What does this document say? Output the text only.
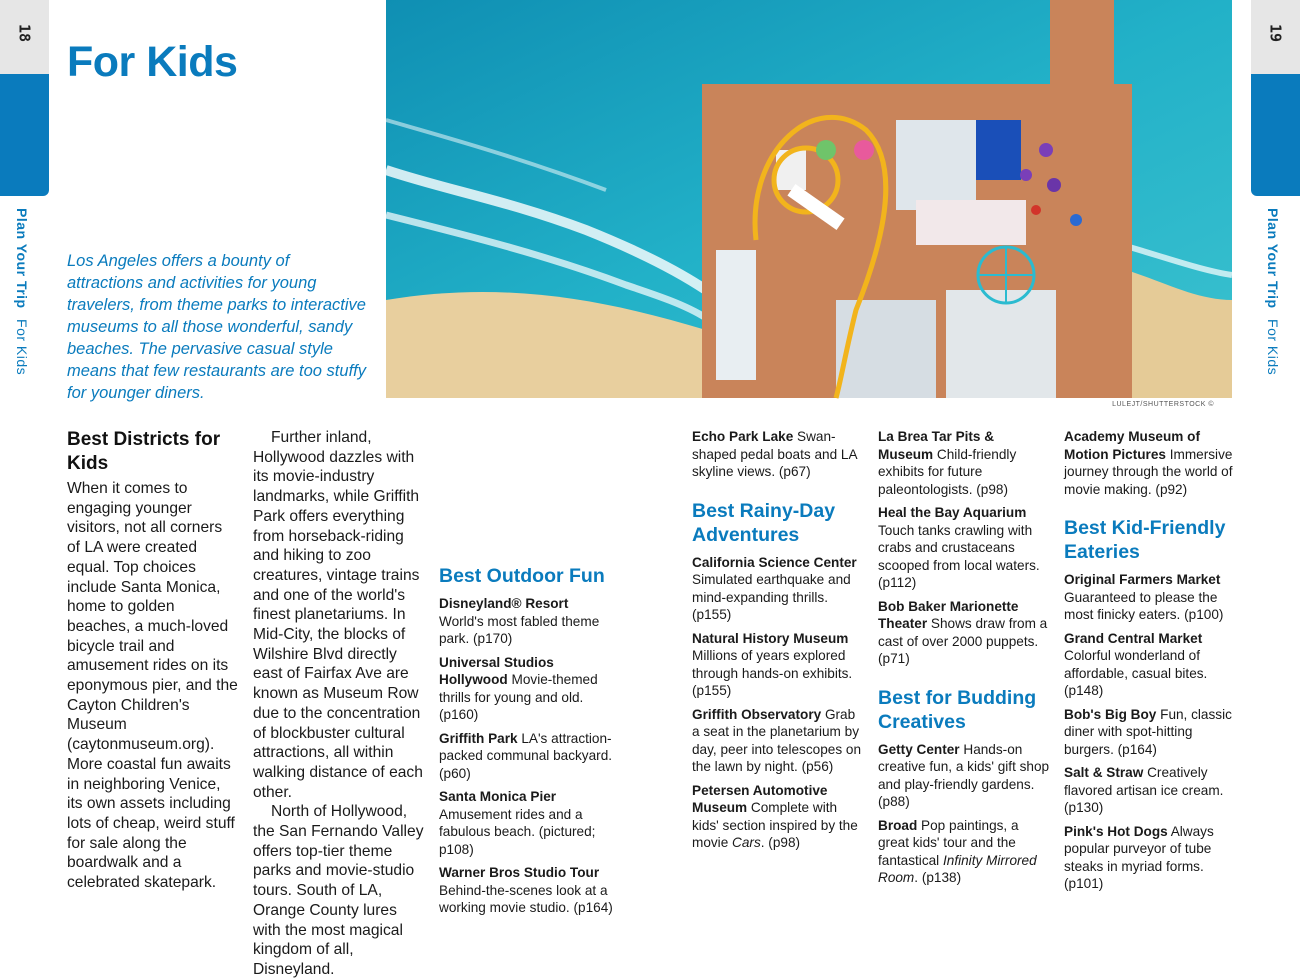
18
Plan Your Trip For Kids
19
Plan Your Trip For Kids
For Kids

Los Angeles offers a bounty of attractions and activities for young travelers, from theme parks to interactive museums to all those wonderful, sandy beaches. The pervasive casual style means that few restaurants are too stuffy for younger diners.

LULEJT/SHUTTERSTOCK ©
Best Districts for Kids

When it comes to engaging younger visitors, not all corners of LA were created equal. Top choices include Santa Monica, home to golden beaches, a much-loved bicycle trail and amusement rides on its eponymous pier, and the Cayton Children's Museum (caytonmuseum.org). More coastal fun awaits in neighboring Venice, its own assets including lots of cheap, weird stuff for sale along the boardwalk and a celebrated skatepark.

Further inland, Hollywood dazzles with its movie-industry landmarks, while Griffith Park offers everything from horseback-riding and hiking to zoo creatures, vintage trains and one of the world's finest planetariums. In Mid-City, the blocks of Wilshire Blvd directly east of Fairfax Ave are known as Museum Row due to the concentration of blockbuster cultural attractions, all within walking distance of each other.

North of Hollywood, the San Fernando Valley offers top-tier theme parks and movie-studio tours. South of LA, Orange County lures with the most magical kingdom of all, Disneyland.

Best Outdoor Fun
Disneyland® Resort World's most fabled theme park. (p170)
Universal Studios Hollywood Movie-themed thrills for young and old. (p160)
Griffith Park LA's attraction-packed communal backyard. (p60)
Santa Monica Pier Amusement rides and a fabulous beach. (pictured; p108)
Warner Bros Studio Tour Behind-the-scenes look at a working movie studio. (p164)
Echo Park Lake Swan-shaped pedal boats and LA skyline views. (p67)
Best Rainy-Day Adventures
California Science Center Simulated earthquake and mind-expanding thrills. (p155)
Natural History Museum Millions of years explored through hands-on exhibits. (p155)
Griffith Observatory Grab a seat in the planetarium by day, peer into telescopes on the lawn by night. (p56)
Petersen Automotive Museum Complete with kids' section inspired by the movie Cars. (p98)
La Brea Tar Pits & Museum Child-friendly exhibits for future paleontologists. (p98)
Heal the Bay Aquarium Touch tanks crawling with crabs and crustaceans scooped from local waters. (p112)
Bob Baker Marionette Theater Shows draw from a cast of over 2000 puppets. (p71)
Best for Budding Creatives
Getty Center Hands-on creative fun, a kids' gift shop and play-friendly gardens. (p88)
Broad Pop paintings, a great kids' tour and the fantastical Infinity Mirrored Room. (p138)
Academy Museum of Motion Pictures Immersive journey through the world of movie making. (p92)
Best Kid-Friendly Eateries
Original Farmers Market Guaranteed to please the most finicky eaters. (p100)
Grand Central Market Colorful wonderland of affordable, casual bites. (p148)
Bob's Big Boy Fun, classic diner with spot-hitting burgers. (p164)
Salt & Straw Creatively flavored artisan ice cream. (p130)
Pink's Hot Dogs Always popular purveyor of tube steaks in myriad forms. (p101)
